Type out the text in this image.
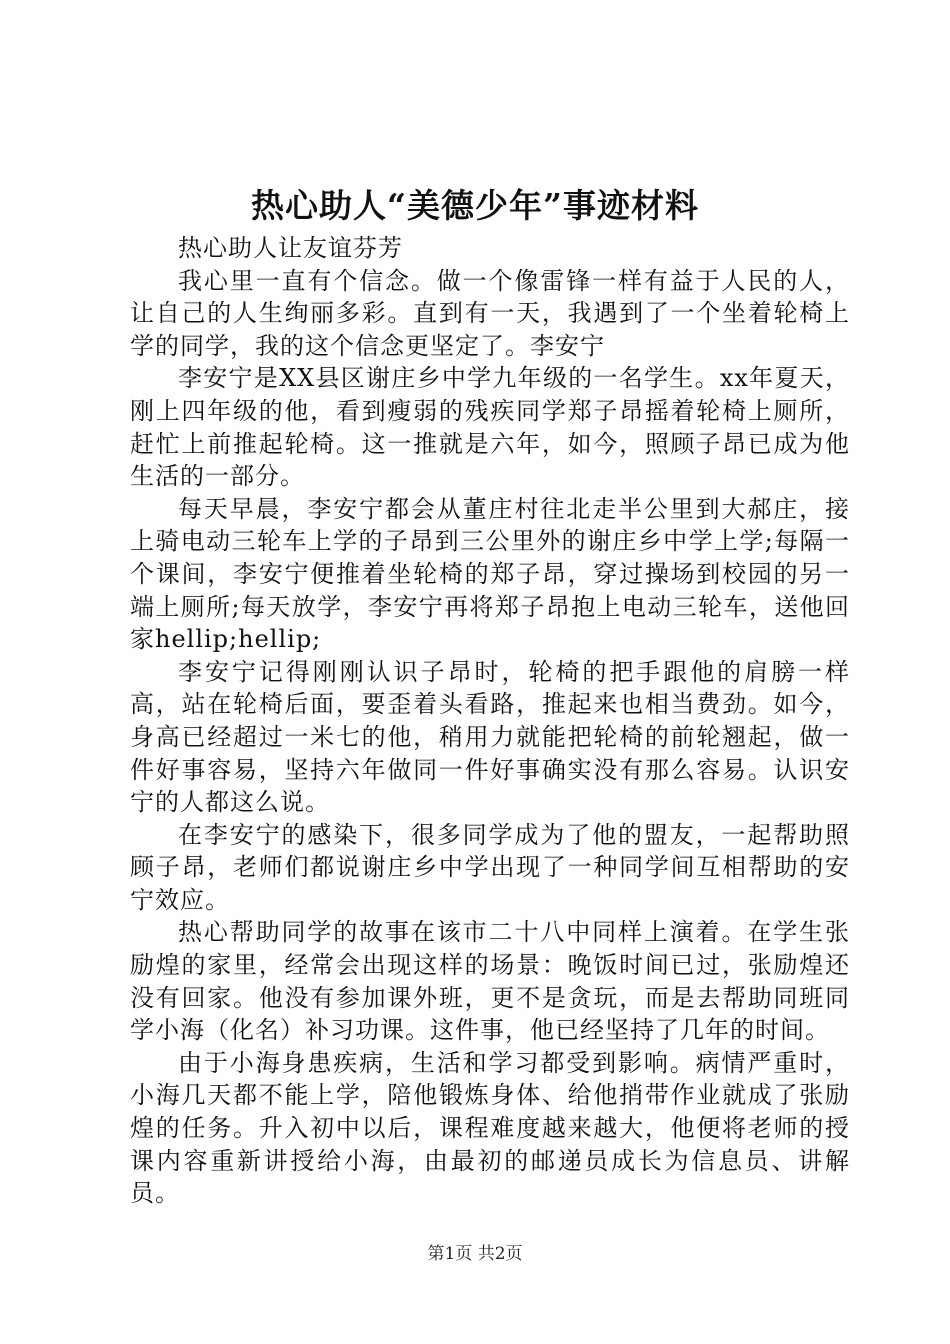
热心助人“美德少年”事迹材料

热心助人让友谊芬芳

我心里一直有个信念。做一个像雷锋一样有益于人民的人，让自己的人生绚丽多彩。直到有一天，我遇到了一个坐着轮椅上学的同学，我的这个信念更坚定了。李安宁

李安宁是XX县区谢庄乡中学九年级的一名学生。xx年夏天，刚上四年级的他，看到瘦弱的残疾同学郑子昂摇着轮椅上厕所，赶忙上前推起轮椅。这一推就是六年，如今，照顾子昂已成为他生活的一部分。

每天早晨，李安宁都会从董庄村往北走半公里到大郝庄，接上骑电动三轮车上学的子昂到三公里外的谢庄乡中学上学;每隔一个课间，李安宁便推着坐轮椅的郑子昂，穿过操场到校园的另一端上厕所;每天放学，李安宁再将郑子昂抱上电动三轮车，送他回家hellip;hellip;

李安宁记得刚刚认识子昂时，轮椅的把手跟他的肩膀一样高，站在轮椅后面，要歪着头看路，推起来也相当费劲。如今，身高已经超过一米七的他，稍用力就能把轮椅的前轮翘起，做一件好事容易，坚持六年做同一件好事确实没有那么容易。认识安宁的人都这么说。

在李安宁的感染下，很多同学成为了他的盟友，一起帮助照顾子昂，老师们都说谢庄乡中学出现了一种同学间互相帮助的安宁效应。

热心帮助同学的故事在该市二十八中同样上演着。在学生张励煌的家里，经常会出现这样的场景：晚饭时间已过，张励煌还没有回家。他没有参加课外班，更不是贪玩，而是去帮助同班同学小海（化名）补习功课。这件事，他已经坚持了几年的时间。

由于小海身患疾病，生活和学习都受到影响。病情严重时，小海几天都不能上学，陪他锻炼身体、给他捎带作业就成了张励煌的任务。升入初中以后，课程难度越来越大，他便将老师的授课内容重新讲授给小海，由最初的邮递员成长为信息员、讲解员。

第1页 共2页
